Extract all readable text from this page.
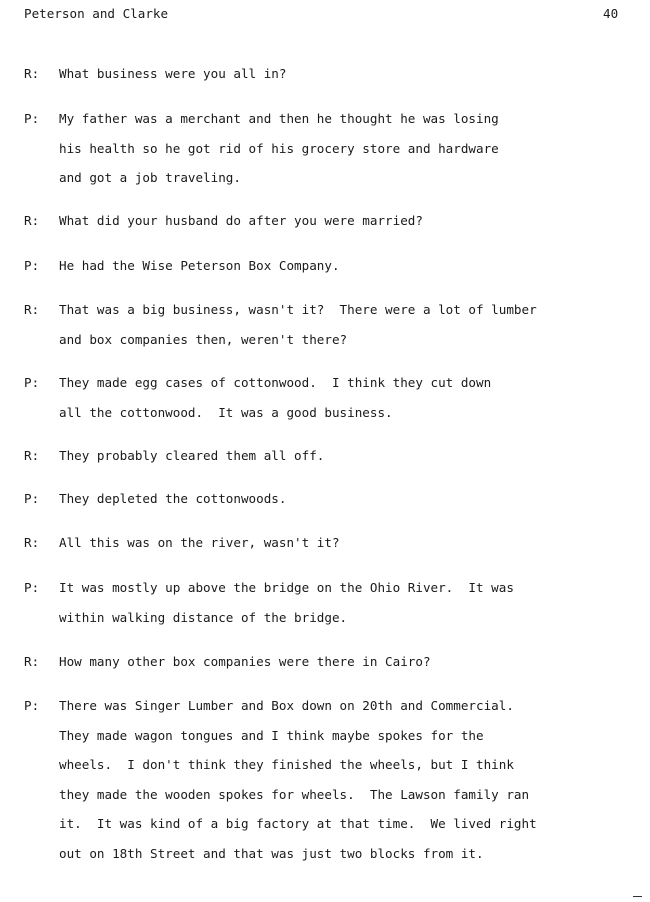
Peterson and Clarke	40
R: What business were you all in?
P: My father was a merchant and then he thought he was losing
his health so he got rid of his grocery store and hardware
and got a job traveling.
R: What did your husband do after you were married?
P: He had the Wise Peterson Box Company.
R: That was a big business, wasn't it?  There were a lot of lumber
and box companies then, weren't there?
P: They made egg cases of cottonwood.  I think they cut down
all the cottonwood.  It was a good business.
R: They probably cleared them all off.
P: They depleted the cottonwoods.
R: All this was on the river, wasn't it?
P: It was mostly up above the bridge on the Ohio River.  It was
within walking distance of the bridge.
R: How many other box companies were there in Cairo?
P: There was Singer Lumber and Box down on 20th and Commercial.
They made wagon tongues and I think maybe spokes for the
wheels.  I don't think they finished the wheels, but I think
they made the wooden spokes for wheels.  The Lawson family ran
it.  It was kind of a big factory at that time.  We lived right
out on 18th Street and that was just two blocks from it.
